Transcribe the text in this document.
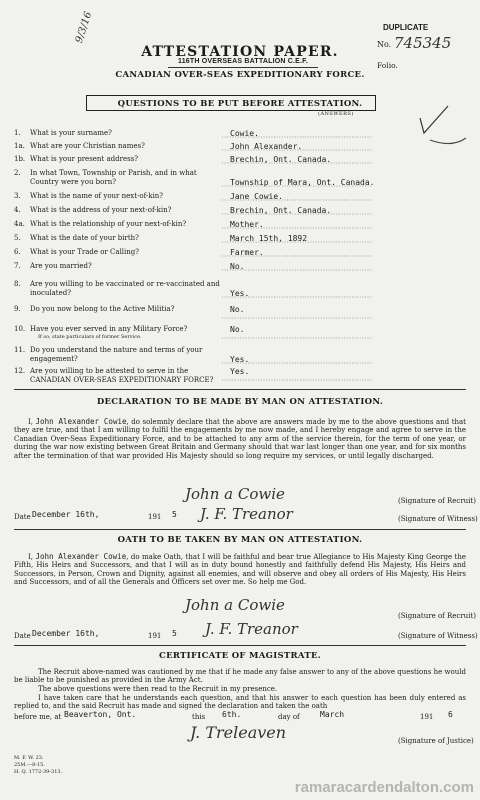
9/3/16	DUPLICATE
ATTESTATION PAPER.
116TH OVERSEAS BATTALION C.E.F.
No. 745345
Folio.
CANADIAN OVER-SEAS EXPEDITIONARY FORCE.
QUESTIONS TO BE PUT BEFORE ATTESTATION.
(ANSWERS)
1. What is your surname?	Cowie.
1a. What are your Christian names?	John Alexander.
1b. What is your present address?	Brechin, Ont. Canada.
2. In what Town, Township or Parish, and in what Country were you born?	Township of Mara, Ont. Canada.
3. What is the name of your next-of-kin?	Jane Cowie.
4. What is the address of your next-of-kin?	Brechin, Ont. Canada.
4a. What is the relationship of your next-of-kin?	Mother.
5. What is the date of your birth?	March 15th, 1892
6. What is your Trade or Calling?	Farmer.
7. Are you married?	No.
8. Are you willing to be vaccinated or re-vaccinated and inoculated?	Yes.
9. Do you now belong to the Active Militia?	No.
10. Have you ever served in any Military Force?
If so, state particulars of former Service.
No.
11. Do you understand the nature and terms of your engagement?	Yes.
12. Are you willing to be attested to serve in the CANADIAN OVER-SEAS EXPEDITIONARY FORCE?
Yes.
DECLARATION TO BE MADE BY MAN ON ATTESTATION.
I, John Alexander Cowie, do solemnly declare that the above are answers made by me to the above questions and that they are true, and that I am willing to fulfil the engagements by me now made, and I hereby engage and agree to serve in the Canadian Over-Seas Expeditionary Force, and to be attached to any arm of the service therein, for the term of one year, or during the war now existing between Great Britain and Germany should that war last longer than one year, and for six months after the termination of that war provided His Majesty should so long require my services, or until legally discharged.
John a Cowie	(Signature of Recruit)
Date December 16th,	191 5 J. F. Treanor	(Signature of Witness)
OATH TO BE TAKEN BY MAN ON ATTESTATION.
I, John Alexander Cowie, do make Oath, that I will be faithful and bear true Allegiance to His Majesty King George the Fifth, His Heirs and Successors, and that I will as in duty bound honestly and faithfully defend His Majesty, His Heirs and Successors, in Person, Crown and Dignity, against all enemies, and will observe and obey all orders of His Majesty, His Heirs and Successors, and of all the Generals and Officers set over me. So help me God.
John a Cowie
(Signature of Recruit)
Date December 16th,	191 5 J. F. Treanor	(Signature of Witness)
CERTIFICATE OF MAGISTRATE.
The Recruit above-named was cautioned by me that if he made any false answer to any of the above questions he would be liable to be punished as provided in the Army Act.
The above questions were then read to the Recruit in my presence.
I have taken care that he understands each question, and that his answer to each question has been duly entered as replied to, and the said Recruit has made and signed the declaration and taken the oath
before me, at Beaverton, Ont.	this 6th.	day of	March	191 6
J. Treleaven	(Signature of Justice)
M. F. W. 23.
25M.—8-15.
H. Q. 1772-39-313.
ramaracardendalton.com
